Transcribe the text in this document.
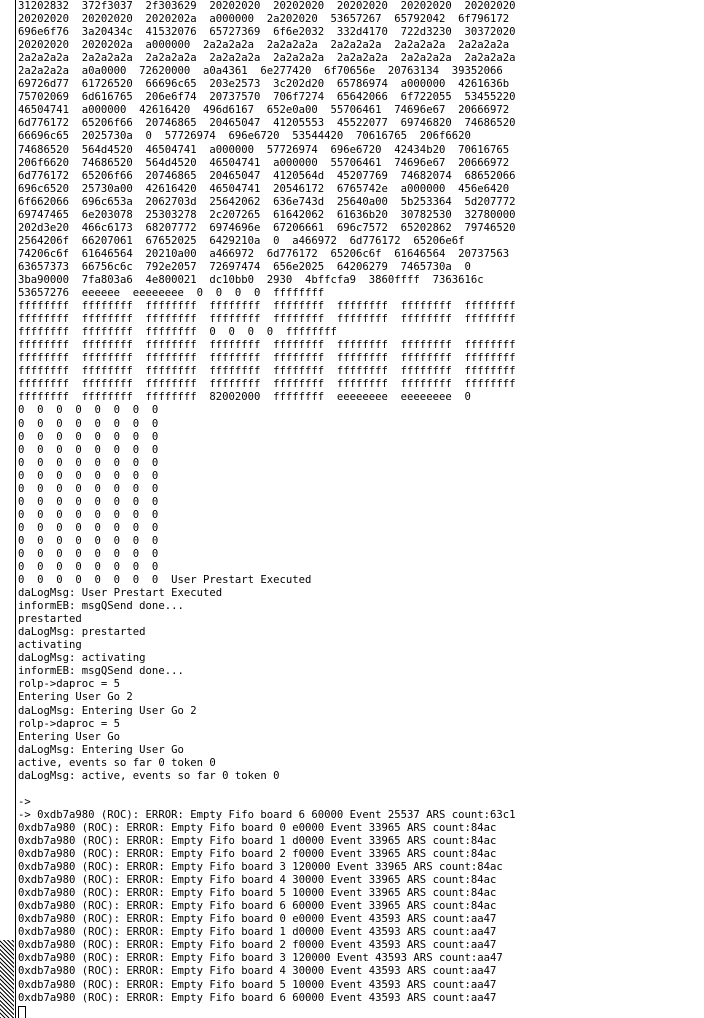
31202832  372f3037  2f303629  20202020  20202020  20202020  20202020  20202020
20202020  20202020  2020202a  a000000  2a202020  53657267  65792042  6f796172
696e6f76  3a20434c  41532076  65727369  6f6e2032  332d4170  722d3230  30372020
20202020  2020202a  a000000  2a2a2a2a  2a2a2a2a  2a2a2a2a  2a2a2a2a  2a2a2a2a
2a2a2a2a  2a2a2a2a  2a2a2a2a  2a2a2a2a  2a2a2a2a  2a2a2a2a  2a2a2a2a  2a2a2a2a
2a2a2a2a  a0a0000  72620000  a0a4361  6e277420  6f70656e  20763134  39352066
69726d77  61726520  66696c65  203e2573  3c202d20  65786974  a000000  4261636b
75702069  6d616765  206e6f74  20737570  706f7274  65642066  6f722055  53455220
46504741  a000000  42616420  496d6167  652e0a00  55706461  74696e67  20666972
6d776172  65206f66  20746865  20465047  41205553  45522077  69746820  74686520
66696c65  2025730a  0  57726974  696e6720  53544420  70616765  206f6620
74686520  564d4520  46504741  a000000  57726974  696e6720  42434b20  70616765
206f6620  74686520  564d4520  46504741  a000000  55706461  74696e67  20666972
6d776172  65206f66  20746865  20465047  4120564d  45207769  74682074  68652066
696c6520  25730a00  42616420  46504741  20546172  6765742e  a000000  456e6420
6f662066  696c653a  2062703d  25642062  636e743d  25640a00  5b253364  5d207772
69747465  6e203078  25303278  2c207265  61642062  61636b20  30782530  32780000
202d3e20  466c6173  68207772  6974696e  67206661  696c7572  65202862  79746520
2564206f  66207061  67652025  6429210a  0  a466972  6d776172  65206e6f
74206c6f  61646564  20210a00  a466972  6d776172  65206c6f  61646564  20737563
63657373  66756c6c  792e2057  72697474  656e2025  64206279  7465730a  0
3ba90000  7fa803a6  4e800021  dc10bb0  2930  4bffcfa9  3860ffff  7363616c
53657276  eeeeee  eeeeeeee  0  0  0  0  ffffffff
ffffffff  ffffffff  ffffffff  ffffffff  ffffffff  ffffffff  ffffffff  ffffffff
ffffffff  ffffffff  ffffffff  ffffffff  ffffffff  ffffffff  ffffffff  ffffffff
ffffffff  ffffffff  ffffffff  0  0  0  0  ffffffff
ffffffff  ffffffff  ffffffff  ffffffff  ffffffff  ffffffff  ffffffff  ffffffff
ffffffff  ffffffff  ffffffff  ffffffff  ffffffff  ffffffff  ffffffff  ffffffff
ffffffff  ffffffff  ffffffff  ffffffff  ffffffff  ffffffff  ffffffff  ffffffff
ffffffff  ffffffff  ffffffff  ffffffff  ffffffff  ffffffff  ffffffff  ffffffff
ffffffff  ffffffff  ffffffff  82002000  ffffffff  eeeeeeee  eeeeeeee  0
0  0  0  0  0  0  0  0
0  0  0  0  0  0  0  0
0  0  0  0  0  0  0  0
0  0  0  0  0  0  0  0
0  0  0  0  0  0  0  0
0  0  0  0  0  0  0  0
0  0  0  0  0  0  0  0
0  0  0  0  0  0  0  0
0  0  0  0  0  0  0  0
0  0  0  0  0  0  0  0
0  0  0  0  0  0  0  0
0  0  0  0  0  0  0  0
0  0  0  0  0  0  0  0
0  0  0  0  0  0  0  0  User Prestart Executed
daLogMsg: User Prestart Executed
informEB: msgQSend done...
prestarted
daLogMsg: prestarted
activating
daLogMsg: activating
informEB: msgQSend done...
rolp->daproc = 5
Entering User Go 2
daLogMsg: Entering User Go 2
rolp->daproc = 5
Entering User Go
daLogMsg: Entering User Go
active, events so far 0 token 0
daLogMsg: active, events so far 0 token 0
->
-> 0xdb7a980 (ROC): ERROR: Empty Fifo board 6 60000 Event 25537 ARS count:63c1
0xdb7a980 (ROC): ERROR: Empty Fifo board 0 e0000 Event 33965 ARS count:84ac
0xdb7a980 (ROC): ERROR: Empty Fifo board 1 d0000 Event 33965 ARS count:84ac
0xdb7a980 (ROC): ERROR: Empty Fifo board 2 f0000 Event 33965 ARS count:84ac
0xdb7a980 (ROC): ERROR: Empty Fifo board 3 120000 Event 33965 ARS count:84ac
0xdb7a980 (ROC): ERROR: Empty Fifo board 4 30000 Event 33965 ARS count:84ac
0xdb7a980 (ROC): ERROR: Empty Fifo board 5 10000 Event 33965 ARS count:84ac
0xdb7a980 (ROC): ERROR: Empty Fifo board 6 60000 Event 33965 ARS count:84ac
0xdb7a980 (ROC): ERROR: Empty Fifo board 0 e0000 Event 43593 ARS count:aa47
0xdb7a980 (ROC): ERROR: Empty Fifo board 1 d0000 Event 43593 ARS count:aa47
0xdb7a980 (ROC): ERROR: Empty Fifo board 2 f0000 Event 43593 ARS count:aa47
0xdb7a980 (ROC): ERROR: Empty Fifo board 3 120000 Event 43593 ARS count:aa47
0xdb7a980 (ROC): ERROR: Empty Fifo board 4 30000 Event 43593 ARS count:aa47
0xdb7a980 (ROC): ERROR: Empty Fifo board 5 10000 Event 43593 ARS count:aa47
0xdb7a980 (ROC): ERROR: Empty Fifo board 6 60000 Event 43593 ARS count:aa47
